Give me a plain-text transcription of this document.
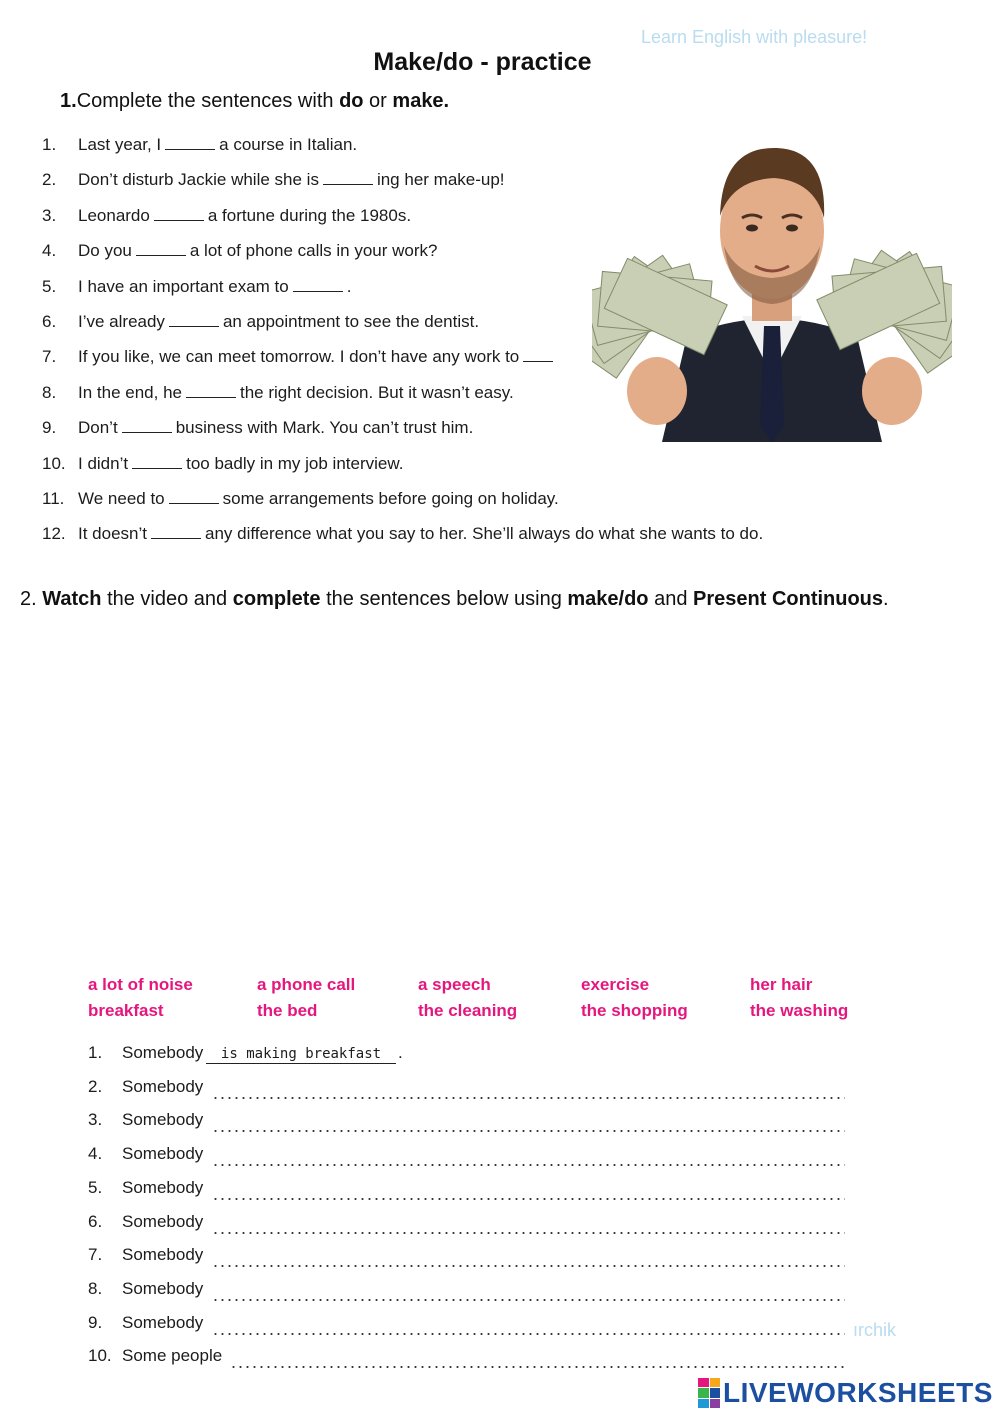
Learn English with pleasure!
Make/do - practice
1.Complete the sentences with do or make.
1. Last year, I	a course in Italian.
2. Don’t disturb Jackie while she is	ing her make-up!
3. Leonardo	a fortune during the 1980s.
4. Do you	a lot of phone calls in your work?
5. I have an important exam to	.
6. I’ve already	an appointment to see the dentist.
7. If you like, we can meet tomorrow. I don’t have any work to
8. In the end, he	the right decision. But it wasn’t easy.
9. Don’t	business with Mark. You can’t trust him.
10. I didn’t	too badly in my job interview.
11. We need to	some arrangements before going on holiday.
12. It doesn’t	any difference what you say to her. She’ll always do what she wants to do.
2. Watch the video and complete the sentences below using make/do and Present Continuous.
a lot of noise	a phone call	a speech	exercise	her hair
breakfast	the bed	the cleaning	the shopping	the washing
1. Somebody	is making breakfast .
2. Somebody
3. Somebody
4. Somebody
5. Somebody
6. Somebody
7. Somebody
8. Somebody
9. Somebody
10. Some people
ırchik
LIVEWORKSHEETS
